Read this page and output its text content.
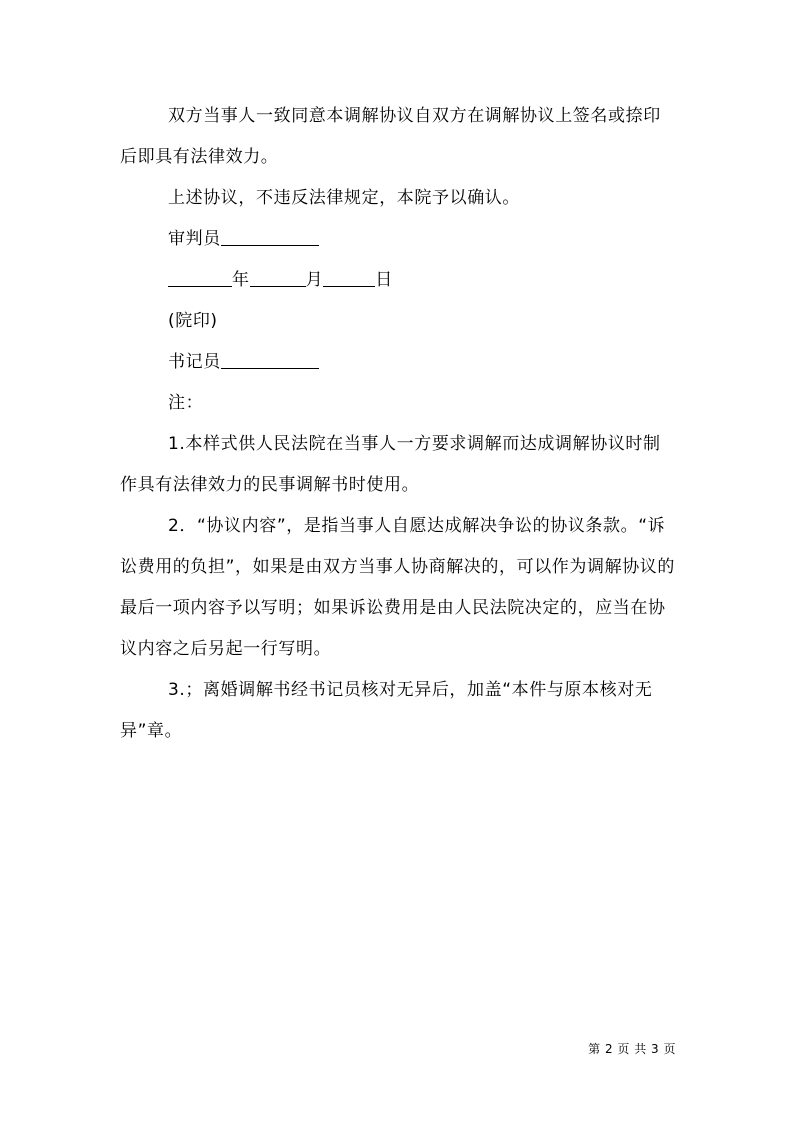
双方当事人一致同意本调解协议自双方在调解协议上签名或捺印后即具有法律效力。

上述协议，不违反法律规定，本院予以确认。

审判员

年	月	日

(院印)

书记员

注：

1.本样式供人民法院在当事人一方要求调解而达成调解协议时制作具有法律效力的民事调解书时使用。

2．“协议内容”，是指当事人自愿达成解决争讼的协议条款。“诉讼费用的负担”，如果是由双方当事人协商解决的，可以作为调解协议的最后一项内容予以写明；如果诉讼费用是由人民法院决定的，应当在协议内容之后另起一行写明。

3.；离婚调解书经书记员核对无异后，加盖“本件与原本核对无异”章。

第 2 页 共 3 页
